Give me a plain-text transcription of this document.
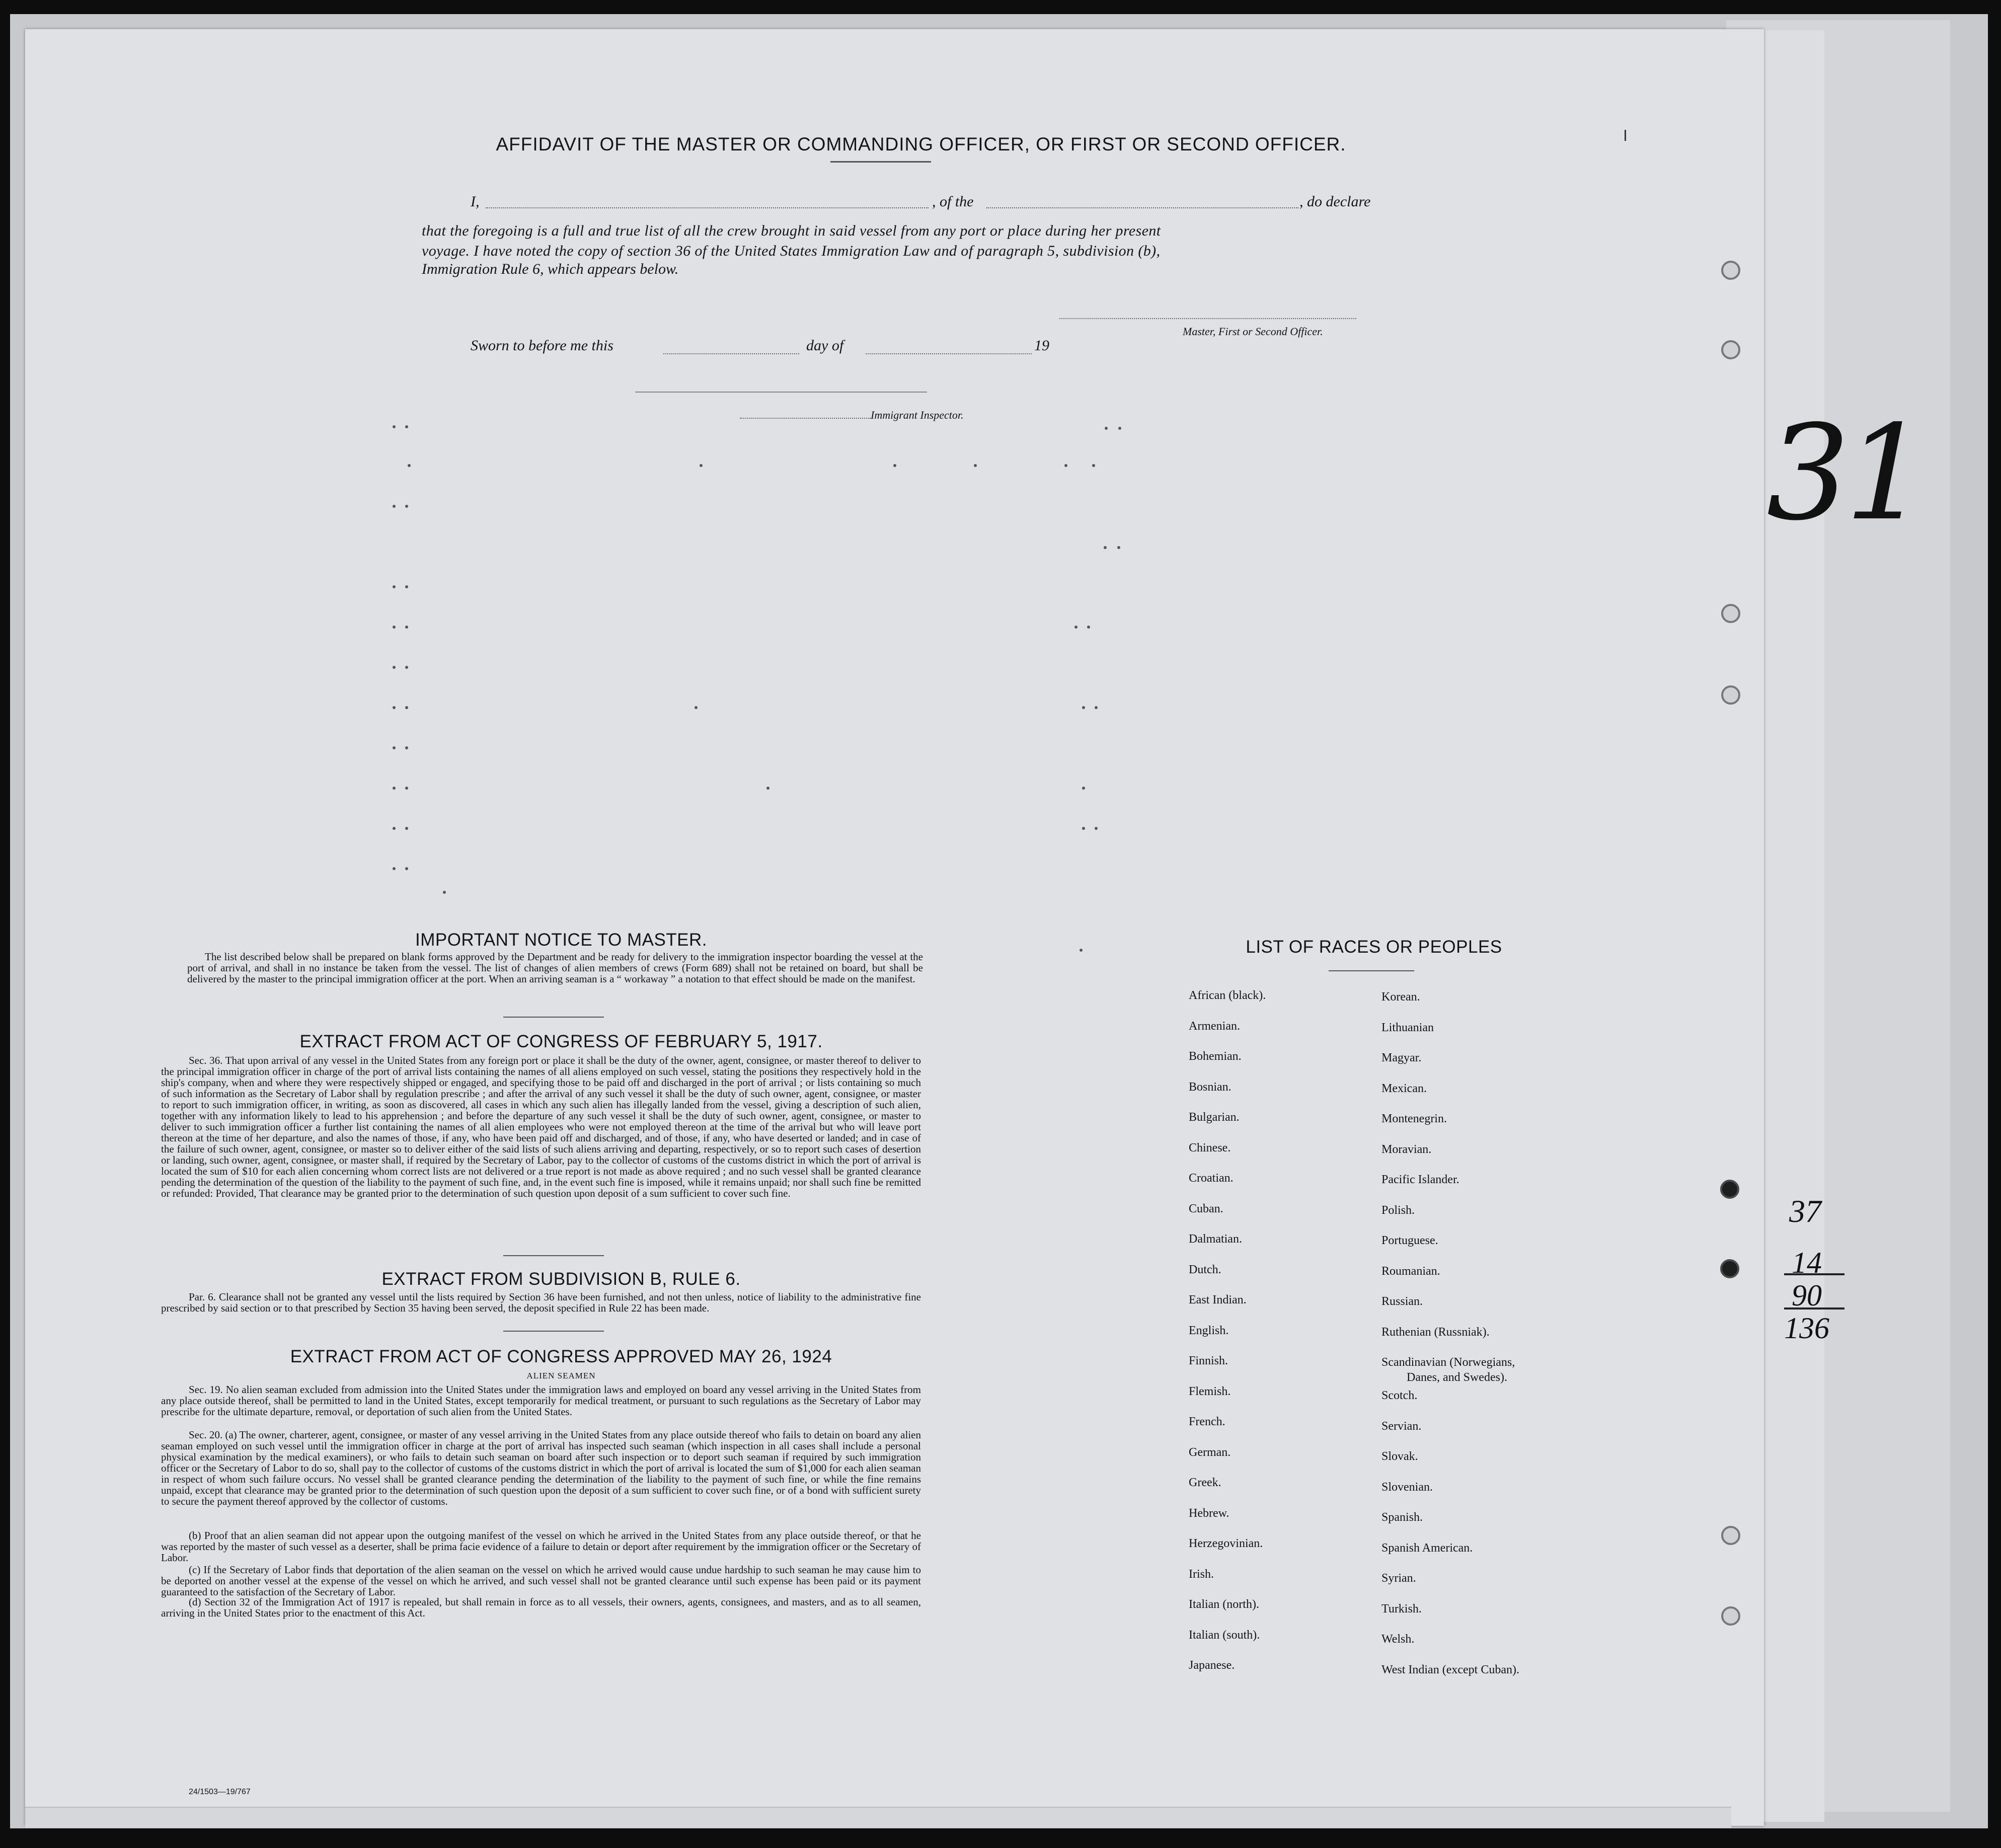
31
37
14
90
136
AFFIDAVIT OF THE MASTER OR COMMANDING OFFICER, OR FIRST OR SECOND OFFICER.
I,	, of the	, do declare
that the foregoing is a full and true list of all the crew brought in said vessel from any port or place during her present
voyage. I have noted the copy of section 36 of the United States Immigration Law and of paragraph 5, subdivision (b),
Immigration Rule 6, which appears below.
Master, First or Second Officer.
Sworn to before me this	day of	19
Immigrant Inspector.
IMPORTANT NOTICE TO MASTER.
The list described below shall be prepared on blank forms approved by the Department and be ready for delivery to the immigration inspector boarding the vessel at the port of arrival, and shall in no instance be taken from the vessel. The list of changes of alien members of crews (Form 689) shall not be retained on board, but shall be delivered by the master to the principal immigration officer at the port. When an arriving seaman is a “ workaway ” a notation to that effect should be made on the manifest.
EXTRACT FROM ACT OF CONGRESS OF FEBRUARY 5, 1917.
Sec. 36. That upon arrival of any vessel in the United States from any foreign port or place it shall be the duty of the owner, agent, consignee, or master thereof to deliver to the principal immigration officer in charge of the port of arrival lists containing the names of all aliens employed on such vessel, stating the positions they respectively hold in the ship's company, when and where they were respectively shipped or engaged, and specifying those to be paid off and discharged in the port of arrival ; or lists containing so much of such information as the Secretary of Labor shall by regulation prescribe ; and after the arrival of any such vessel it shall be the duty of such owner, agent, consignee, or master to report to such immigration officer, in writing, as soon as discovered, all cases in which any such alien has illegally landed from the vessel, giving a description of such alien, together with any information likely to lead to his apprehension ; and before the departure of any such vessel it shall be the duty of such owner, agent, consignee, or master to deliver to such immigration officer a further list containing the names of all alien employees who were not employed thereon at the time of the arrival but who will leave port thereon at the time of her departure, and also the names of those, if any, who have been paid off and discharged, and of those, if any, who have deserted or landed; and in case of the failure of such owner, agent, consignee, or master so to deliver either of the said lists of such aliens arriving and departing, respectively, or so to report such cases of desertion or landing, such owner, agent, consignee, or master shall, if required by the Secretary of Labor, pay to the collector of customs of the customs district in which the port of arrival is located the sum of $10 for each alien concerning whom correct lists are not delivered or a true report is not made as above required ; and no such vessel shall be granted clearance pending the determination of the question of the liability to the payment of such fine, and, in the event such fine is imposed, while it remains unpaid; nor shall such fine be remitted or refunded: Provided, That clearance may be granted prior to the determination of such question upon deposit of a sum sufficient to cover such fine.
EXTRACT FROM SUBDIVISION B, RULE 6.
Par. 6. Clearance shall not be granted any vessel until the lists required by Section 36 have been furnished, and not then unless, notice of liability to the administrative fine prescribed by said section or to that prescribed by Section 35 having been served, the deposit specified in Rule 22 has been made.
EXTRACT FROM ACT OF CONGRESS APPROVED MAY 26, 1924
ALIEN SEAMEN
Sec. 19. No alien seaman excluded from admission into the United States under the immigration laws and employed on board any vessel arriving in the United States from any place outside thereof, shall be permitted to land in the United States, except temporarily for medical treatment, or pursuant to such regulations as the Secretary of Labor may prescribe for the ultimate departure, removal, or deportation of such alien from the United States.
Sec. 20. (a) The owner, charterer, agent, consignee, or master of any vessel arriving in the United States from any place outside thereof who fails to detain on board any alien seaman employed on such vessel until the immigration officer in charge at the port of arrival has inspected such seaman (which inspection in all cases shall include a personal physical examination by the medical examiners), or who fails to detain such seaman on board after such inspection or to deport such seaman if required by such immigration officer or the Secretary of Labor to do so, shall pay to the collector of customs of the customs district in which the port of arrival is located the sum of $1,000 for each alien seaman in respect of whom such failure occurs. No vessel shall be granted clearance pending the determination of the liability to the payment of such fine, or while the fine remains unpaid, except that clearance may be granted prior to the determination of such question upon the deposit of a sum sufficient to cover such fine, or of a bond with sufficient surety to secure the payment thereof approved by the collector of customs.
(b) Proof that an alien seaman did not appear upon the outgoing manifest of the vessel on which he arrived in the United States from any place outside thereof, or that he was reported by the master of such vessel as a deserter, shall be prima facie evidence of a failure to detain or deport after requirement by the immigration officer or the Secretary of Labor.
(c) If the Secretary of Labor finds that deportation of the alien seaman on the vessel on which he arrived would cause undue hardship to such seaman he may cause him to be deported on another vessel at the expense of the vessel on which he arrived, and such vessel shall not be granted clearance until such expense has been paid or its payment guaranteed to the satisfaction of the Secretary of Labor.
(d) Section 32 of the Immigration Act of 1917 is repealed, but shall remain in force as to all vessels, their owners, agents, consignees, and masters, and as to all seamen, arriving in the United States prior to the enactment of this Act.
LIST OF RACES OR PEOPLES
African (black).
Armenian.
Bohemian.
Bosnian.
Bulgarian.
Chinese.
Croatian.
Cuban.
Dalmatian.
Dutch.
East Indian.
English.
Finnish.
Flemish.
French.
German.
Greek.
Hebrew.
Herzegovinian.
Irish.
Italian (north).
Italian (south).
Japanese.
Korean.
Lithuanian
Magyar.
Mexican.
Montenegrin.
Moravian.
Pacific Islander.
Polish.
Portuguese.
Roumanian.
Russian.
Ruthenian (Russniak).
Scandinavian (Norwegians,
Danes, and Swedes).
Scotch.
Servian.
Slovak.
Slovenian.
Spanish.
Spanish American.
Syrian.
Turkish.
Welsh.
West Indian (except Cuban).
24/1503—19/767
